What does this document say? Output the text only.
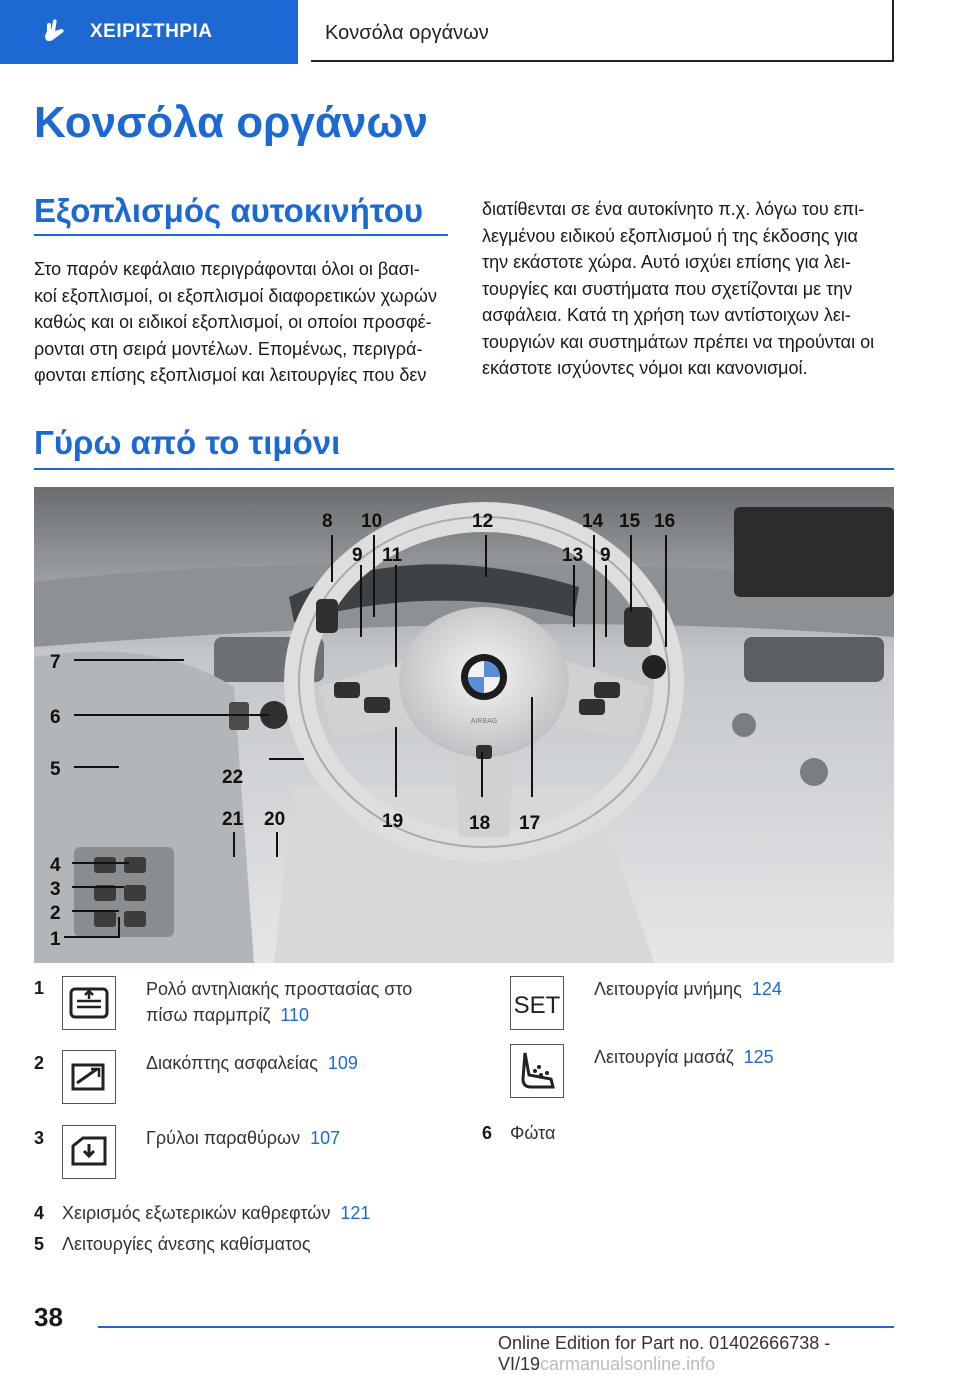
ΧΕΙΡΙΣΤΗΡΙΑ	Κονσόλα οργάνων
Κονσόλα οργάνων
Εξοπλισμός αυτοκινήτου
Στο παρόν κεφάλαιο περιγράφονται όλοι οι βασι-
κοί εξοπλισμοί, οι εξοπλισμοί διαφορετικών χωρών
καθώς και οι ειδικοί εξοπλισμοί, οι οποίοι προσφέ-
ρονται στη σειρά μοντέλων. Επομένως, περιγρά-
φονται επίσης εξοπλισμοί και λειτουργίες που δεν
διατίθενται σε ένα αυτοκίνητο π.χ. λόγω του επι-
λεγμένου ειδικού εξοπλισμού ή της έκδοσης για
την εκάστοτε χώρα. Αυτό ισχύει επίσης για λει-
τουργίες και συστήματα που σχετίζονται με την
ασφάλεια. Κατά τη χρήση των αντίστοιχων λει-
τουργιών και συστημάτων πρέπει να τηρούνται οι
εκάστοτε ισχύοντες νόμοι και κανονισμοί.
Γύρω από το τιμόνι
AIRBAG
8 10
9 11
12
13
14
9
15 16
17
18
19
20
21
22
7
6
5
4
3
2
1
1	Ρολό αντηλιακής προστασίας στο
πίσω παρμπρίζ 110
2	Διακόπτης ασφαλείας 109
3	Γρύλοι παραθύρων 107
4 Χειρισμός εξωτερικών καθρεφτών 121
5 Λειτουργίες άνεσης καθίσματος
SET
Λειτουργία μνήμης 124
Λειτουργία μασάζ 125
6 Φώτα
38
Online Edition for Part no. 01402666738 - VI/19carmanualsonline.info
